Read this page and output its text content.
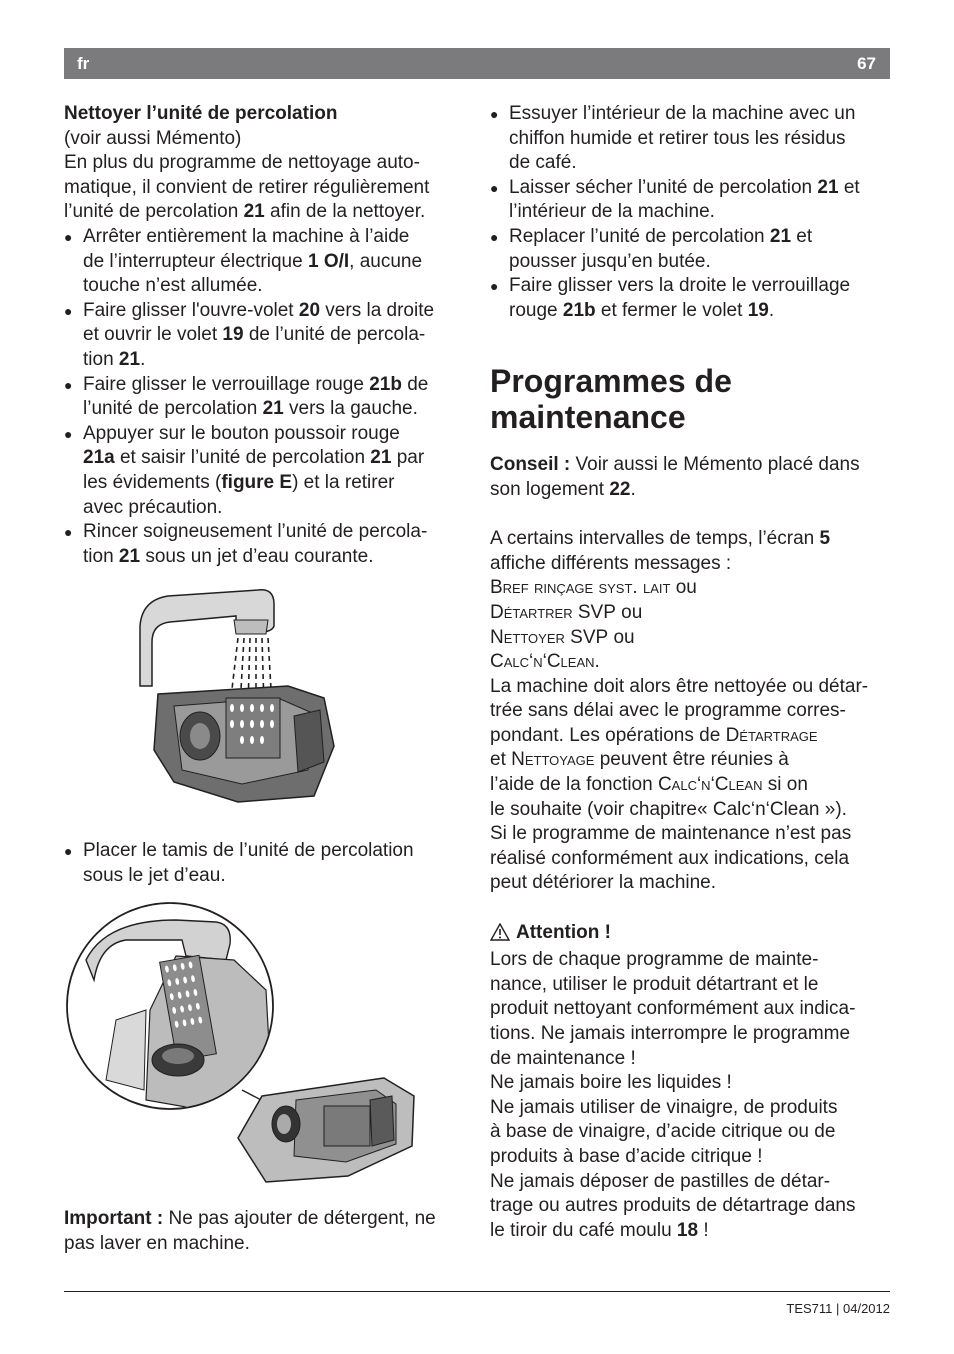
fr	67

Nettoyer l’unité de percolation

(voir aussi Mémento)

En plus du programme de nettoyage auto-
matique, il convient de retirer régulièrement
l’unité de percolation 21 afin de la nettoyer.

● Arrêter entièrement la machine à l’aide
de l’interrupteur électrique 1 O/I, aucune
touche n’est allumée.

● Faire glisser l'ouvre-volet 20 vers la droite
et ouvrir le volet 19 de l’unité de percola-
tion 21.

● Faire glisser le verrouillage rouge 21b de
l’unité de percolation 21 vers la gauche.

● Appuyer sur le bouton poussoir rouge
21a et saisir l’unité de percolation 21 par
les évidements (figure E) et la retirer
avec précaution.

● Rincer soigneusement l’unité de percola-
tion 21 sous un jet d’eau courante.

● Placer le tamis de l’unité de percolation
sous le jet d’eau.

Important : Ne pas ajouter de détergent, ne
pas laver en machine.

● Essuyer l’intérieur de la machine avec un
chiffon humide et retirer tous les résidus
de café.

● Laisser sécher l’unité de percolation 21 et
l’intérieur de la machine.

● Replacer l’unité de percolation 21 et
pousser jusqu’en butée.

● Faire glisser vers la droite le verrouillage
rouge 21b et fermer le volet 19.

Programmes de
maintenance

Conseil : Voir aussi le Mémento placé dans
son logement 22.

A certains intervalles de temps, l’écran 5
affiche différents messages :
Bref rinçage syst. lait ou
Détartrer SVP ou
Nettoyer SVP ou
Calc‘n‘Clean.

La machine doit alors être nettoyée ou détar-
trée sans délai avec le programme corres-
pondant. Les opérations de Détartrage
et Nettoyage peuvent être réunies à
l’aide de la fonction Calc‘n‘Clean si on
le souhaite (voir chapitre« Calc‘n‘Clean »).

Si le programme de maintenance n’est pas
réalisé conformément aux indications, cela
peut détériorer la machine.

Attention !

Lors de chaque programme de mainte-
nance, utiliser le produit détartrant et le
produit nettoyant conformément aux indica-
tions. Ne jamais interrompre le programme
de maintenance !

Ne jamais boire les liquides !

Ne jamais utiliser de vinaigre, de produits
à base de vinaigre, d’acide citrique ou de
produits à base d’acide citrique !

Ne jamais déposer de pastilles de détar-
trage ou autres produits de détartrage dans
le tiroir du café moulu 18 !

TES711 | 04/2012
